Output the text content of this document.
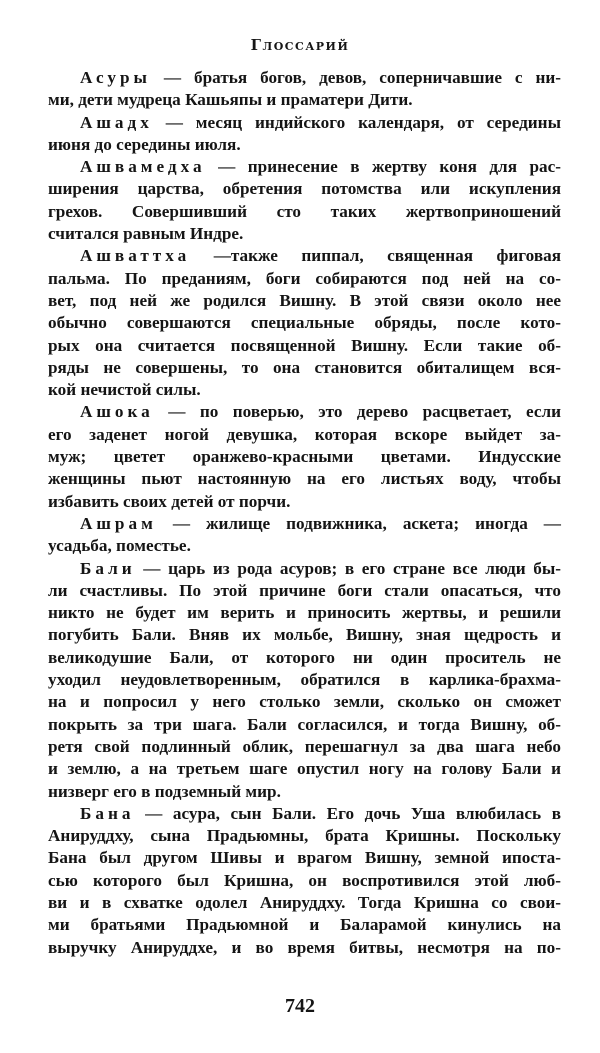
Глоссарий
Асуры — братья богов, девов, соперничавшие с ни-
ми, дети мудреца Кашьяпы и праматери Дити.
Ашадх — месяц индийского календаря, от середины
июня до середины июля.
Ашвамедха — принесение в жертву коня для рас-
ширения царства, обретения потомства или искупления
грехов. Совершивший сто таких жертвоприношений
считался равным Индре.
Ашваттха —также пиппал, священная фиговая
пальма. По преданиям, боги собираются под ней на со-
вет, под ней же родился Вишну. В этой связи около нее
обычно совершаются специальные обряды, после кото-
рых она считается посвященной Вишну. Если такие об-
ряды не совершены, то она становится обиталищем вся-
кой нечистой силы.
Ашока — по поверью, это дерево расцветает, если
его заденет ногой девушка, которая вскоре выйдет за-
муж; цветет оранжево-красными цветами. Индусские
женщины пьют настоянную на его листьях воду, чтобы
избавить своих детей от порчи.
Ашрам — жилище подвижника, аскета; иногда —
усадьба, поместье.
Бали — царь из рода асуров; в его стране все люди бы-
ли счастливы. По этой причине боги стали опасаться, что
никто не будет им верить и приносить жертвы, и решили
погубить Бали. Вняв их мольбе, Вишну, зная щедрость и
великодушие Бали, от которого ни один проситель не
уходил неудовлетворенным, обратился в карлика-брахма-
на и попросил у него столько земли, сколько он сможет
покрыть за три шага. Бали согласился, и тогда Вишну, об-
ретя свой подлинный облик, перешагнул за два шага небо
и землю, а на третьем шаге опустил ногу на голову Бали и
низверг его в подземный мир.
Бана — асура, сын Бали. Его дочь Уша влюбилась в
Анируддху, сына Прадьюмны, брата Кришны. Поскольку
Бана был другом Шивы и врагом Вишну, земной ипоста-
сью которого был Кришна, он воспротивился этой люб-
ви и в схватке одолел Анируддху. Тогда Кришна со свои-
ми братьями Прадьюмной и Баларамой кинулись на
выручку Анируддхе, и во время битвы, несмотря на по-
742
